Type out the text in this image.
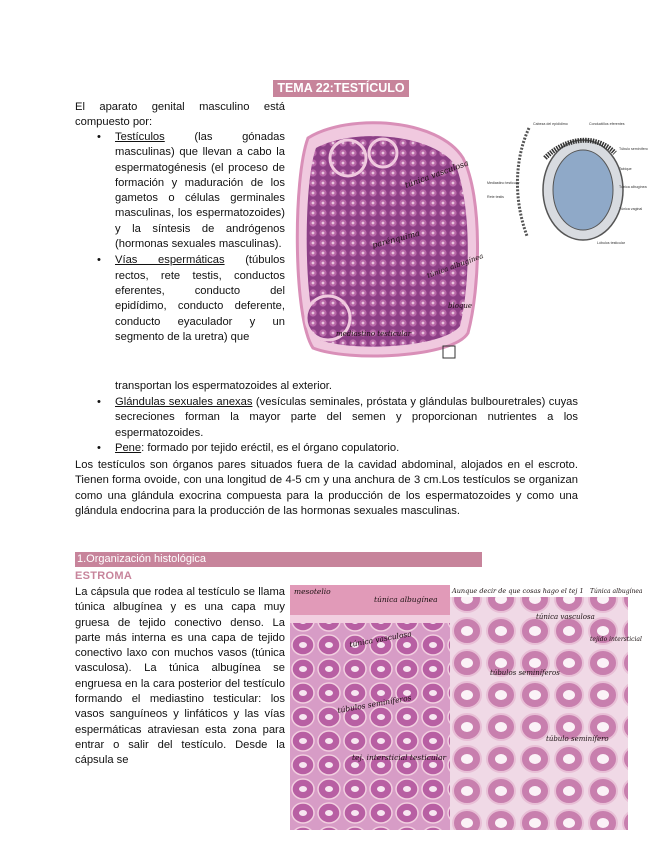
TEMA 22:TESTÍCULO
El aparato genital masculino está compuesto por:
• Testículos (las gónadas masculinas) que llevan a cabo la espermatogénesis (el proceso de formación y maduración de los gametos o células germinales masculinas, los espermatozoides) y la síntesis de andrógenos (hormonas sexuales masculinas).
• Vías espermáticas (túbulos rectos, rete testis, conductos eferentes, conducto del epidídimo, conducto deferente, conducto eyaculador y un segmento de la uretra) que
transportan los espermatozoides al exterior.
• Glándulas sexuales anexas (vesículas seminales, próstata y glándulas bulbouretrales) cuyas secreciones forman la mayor parte del semen y proporcionan nutrientes a los espermatozoides.
• Pene: formado por tejido eréctil, es el órgano copulatorio.
Los testículos son órganos pares situados fuera de la cavidad abdominal, alojados en el escroto. Tienen forma ovoide, con una longitud de 4-5 cm y una anchura de 3 cm.Los testículos se organizan como una glándula exocrina compuesta para la producción de los espermatozoides y como una glándula endocrina para la producción de las hormonas sexuales masculinas.
1.Organización histológica
ESTROMA
La cápsula que rodea al testículo se llama túnica albugínea y es una capa muy gruesa de tejido conectivo denso. La parte más interna es una capa de tejido conectivo laxo con muchos vasos (túnica vasculosa). La túnica albugínea se engruesa en la cara posterior del testículo formando el mediastino testicular: los vasos sanguíneos y linfáticos y las vías espermáticas atraviesan esta zona para entrar o salir del testículo. Desde la cápsula se
túnica vasculosa
parénquima
túnica albugínea
bloque
mediastino testicular
Cabeza del epidídimo	Conductillos eferentes
Túbulo seminífero
Tabique
Túnica albugínea
Túnica vaginal
Mediastino testicular
Rete testis
Lóbulos testicular
mesotelio
túnica albugínea
túnica vasculosa
túbulos seminíferos
tej. intersticial testicular
Aunque decir de que cosas hago el tej 1 Túnica albugínea
túnica vasculosa
tejido intersticial
túbulos seminíferos
túbulo seminífero
